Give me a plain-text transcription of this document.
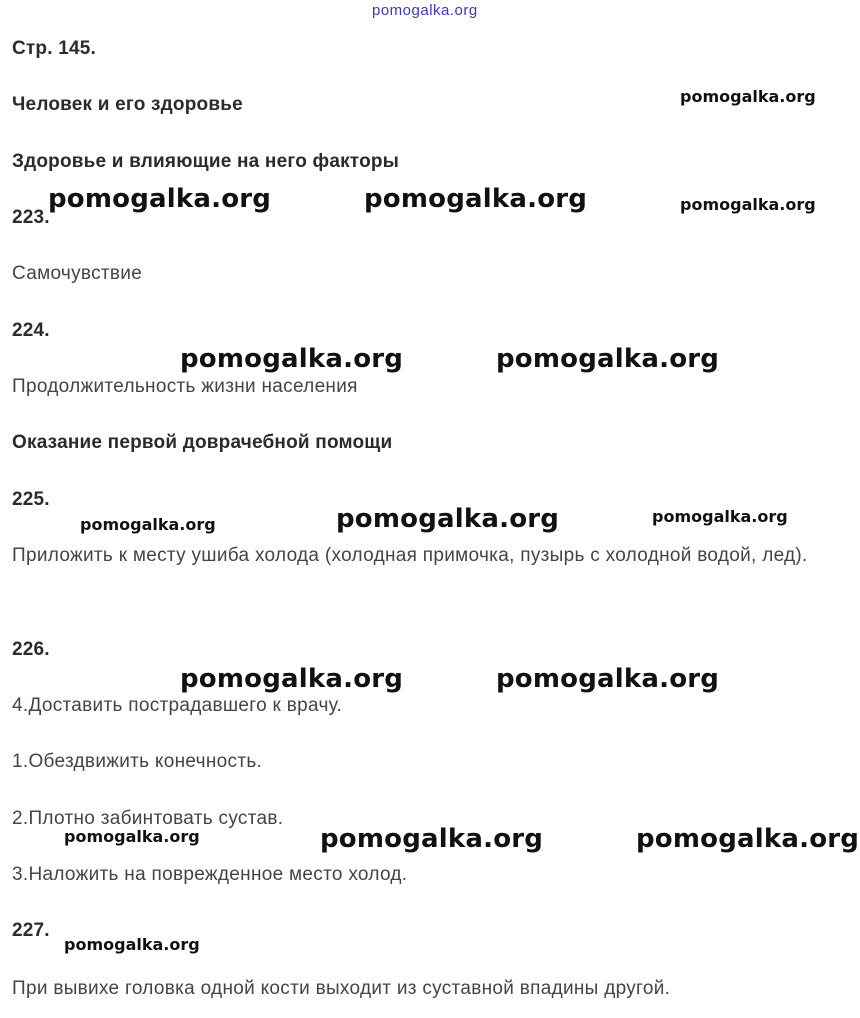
pomogalka.org
Стр. 145.
Человек и его здоровье
Здоровье и влияющие на него факторы
223.
Самочувствие
224.
Продолжительность жизни населения
Оказание первой доврачебной помощи
225.
Приложить к месту ушиба холода (холодная примочка, пузырь с холодной водой, лед).
226.
4.Доставить пострадавшего к врачу.
1.Обездвижить конечность.
2.Плотно забинтовать сустав.
3.Наложить на поврежденное место холод.
227.
При вывихе головка одной кости выходит из суставной впадины другой.
pomogalka.org
pomogalka.org	pomogalka.org	pomogalka.org
pomogalka.org	pomogalka.org
pomogalka.org	pomogalka.org	pomogalka.org
pomogalka.org	pomogalka.org
pomogalka.org	pomogalka.org	pomogalka.org
pomogalka.org
